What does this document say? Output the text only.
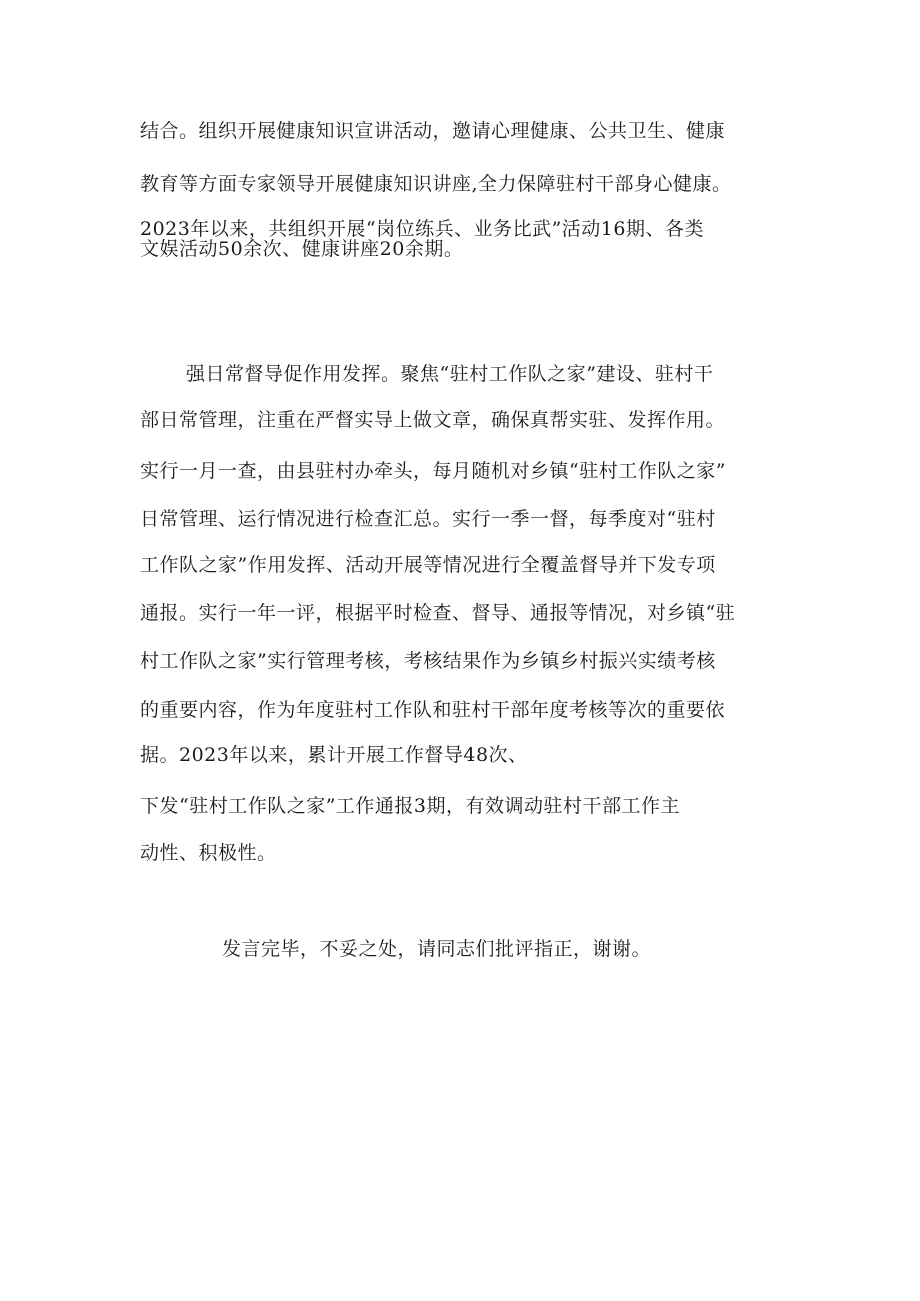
结合。组织开展健康知识宣讲活动，邀请心理健康、公共卫生、健康
教育等方面专家领导开展健康知识讲座,全力保障驻村干部身心健康。
2023年以来，共组织开展“岗位练兵、业务比武”活动16期、各类
文娱活动50余次、健康讲座20余期。
强日常督导促作用发挥。聚焦“驻村工作队之家”建设、驻村干
部日常管理，注重在严督实导上做文章，确保真帮实驻、发挥作用。
实行一月一查，由县驻村办牵头，每月随机对乡镇“驻村工作队之家”
日常管理、运行情况进行检查汇总。实行一季一督，每季度对“驻村
工作队之家”作用发挥、活动开展等情况进行全覆盖督导并下发专项
通报。实行一年一评，根据平时检查、督导、通报等情况，对乡镇“驻
村工作队之家”实行管理考核，考核结果作为乡镇乡村振兴实绩考核
的重要内容，作为年度驻村工作队和驻村干部年度考核等次的重要依
据。2023年以来，累计开展工作督导48次、
下发“驻村工作队之家”工作通报3期，有效调动驻村干部工作主
动性、积极性。
发言完毕，不妥之处，请同志们批评指正，谢谢。
